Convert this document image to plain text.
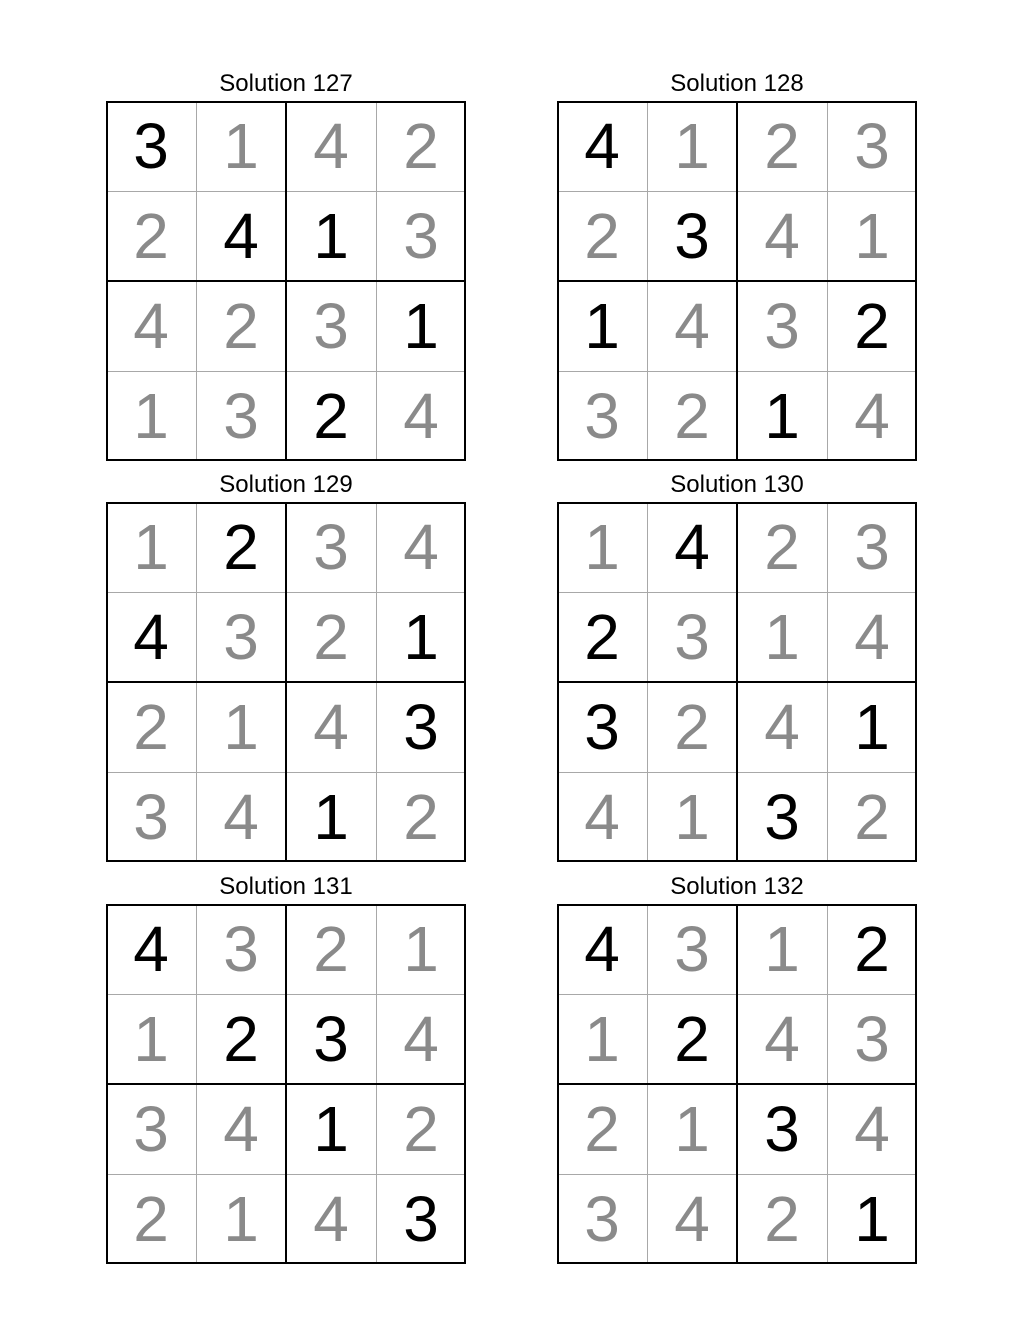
Solution 127
3 1 4 2
2 4 1 3
4 2 3 1
1 3 2 4
Solution 128
4 1 2 3
2 3 4 1
1 4 3 2
3 2 1 4
Solution 129
1 2 3 4
4 3 2 1
2 1 4 3
3 4 1 2
Solution 130
1 4 2 3
2 3 1 4
3 2 4 1
4 1 3 2
Solution 131
4 3 2 1
1 2 3 4
3 4 1 2
2 1 4 3
Solution 132
4 3 1 2
1 2 4 3
2 1 3 4
3 4 2 1
